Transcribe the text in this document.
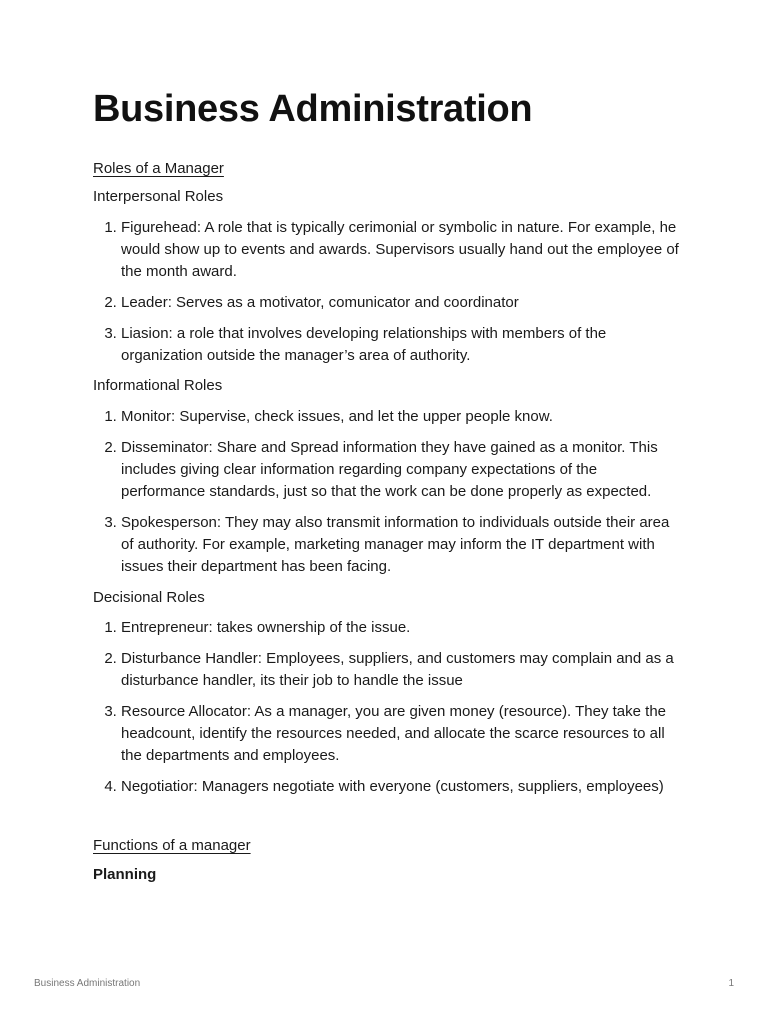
Business Administration
Roles of a Manager
Interpersonal Roles
1. Figurehead: A role that is typically cerimonial or symbolic in nature. For example, he would show up to events and awards. Supervisors usually hand out the employee of the month award.
2. Leader: Serves as a motivator, comunicator and coordinator
3. Liasion: a role that involves developing relationships with members of the organization outside the manager’s area of authority.
Informational Roles
1. Monitor: Supervise, check issues, and let the upper people know.
2. Disseminator: Share and Spread information they have gained as a monitor. This includes giving clear information regarding company expectations of the performance standards, just so that the work can be done properly as expected.
3. Spokesperson: They may also transmit information to individuals outside their area of authority. For example, marketing manager may inform the IT department with issues their department has been facing.
Decisional Roles
1. Entrepreneur: takes ownership of the issue.
2. Disturbance Handler: Employees, suppliers, and customers may complain and as a disturbance handler, its their job to handle the issue
3. Resource Allocator: As a manager, you are given money (resource). They take the headcount, identify the resources needed, and allocate the scarce resources to all the departments and employees.
4. Negotiatior: Managers negotiate with everyone (customers, suppliers, employees)
Functions of a manager
Planning
Business Administration	1
